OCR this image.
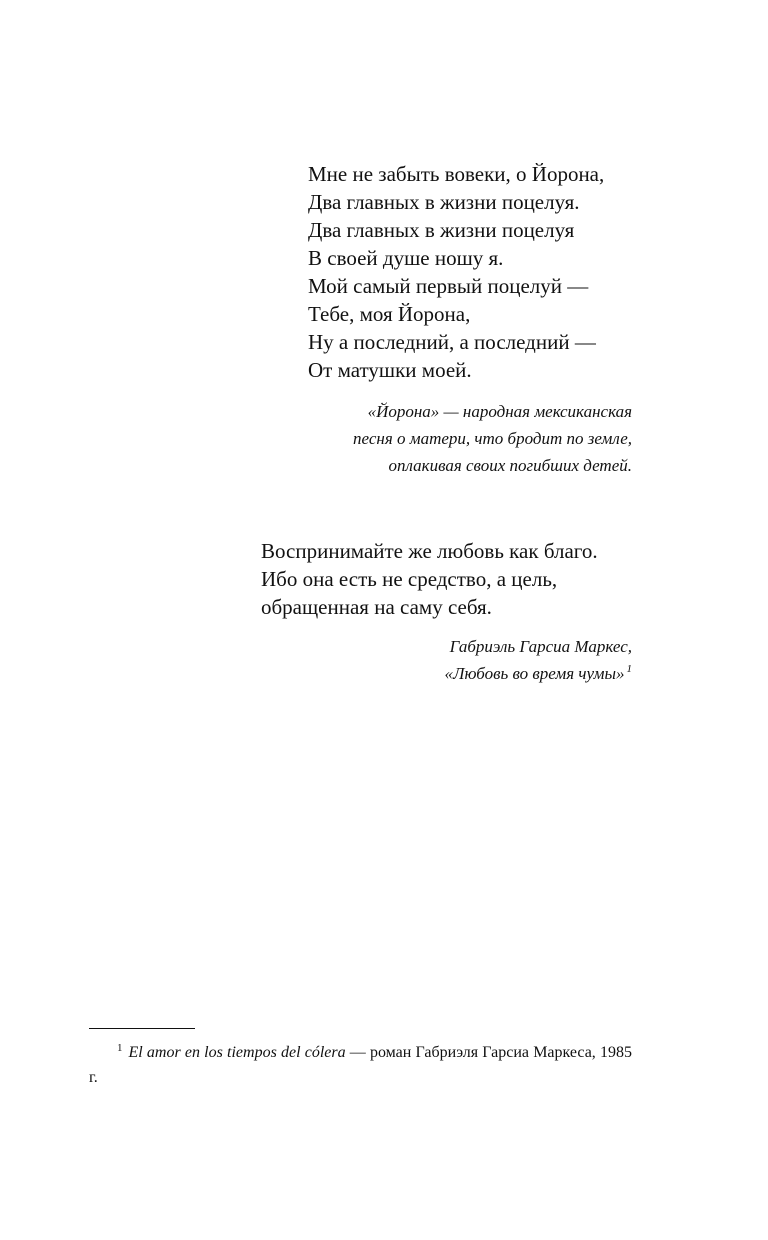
Мне не забыть вовеки, о Йорона,
Два главных в жизни поцелуя.
Два главных в жизни поцелуя
В своей душе ношу я.
Мой самый первый поцелуй —
Тебе, моя Йорона,
Ну а последний, а последний —
От матушки моей.
«Йорона» — народная мексиканская
песня о матери, что бродит по земле,
оплакивая своих погибших детей.
Воспринимайте же любовь как благо.
Ибо она есть не средство, а цель,
обращенная на саму себя.
Габриэль Гарсиа Маркес,
«Любовь во время чумы» $^1$
$^1$ El amor en los tiempos del cólera — роман Габриэля Гарсиа Маркеса, 1985 г.
